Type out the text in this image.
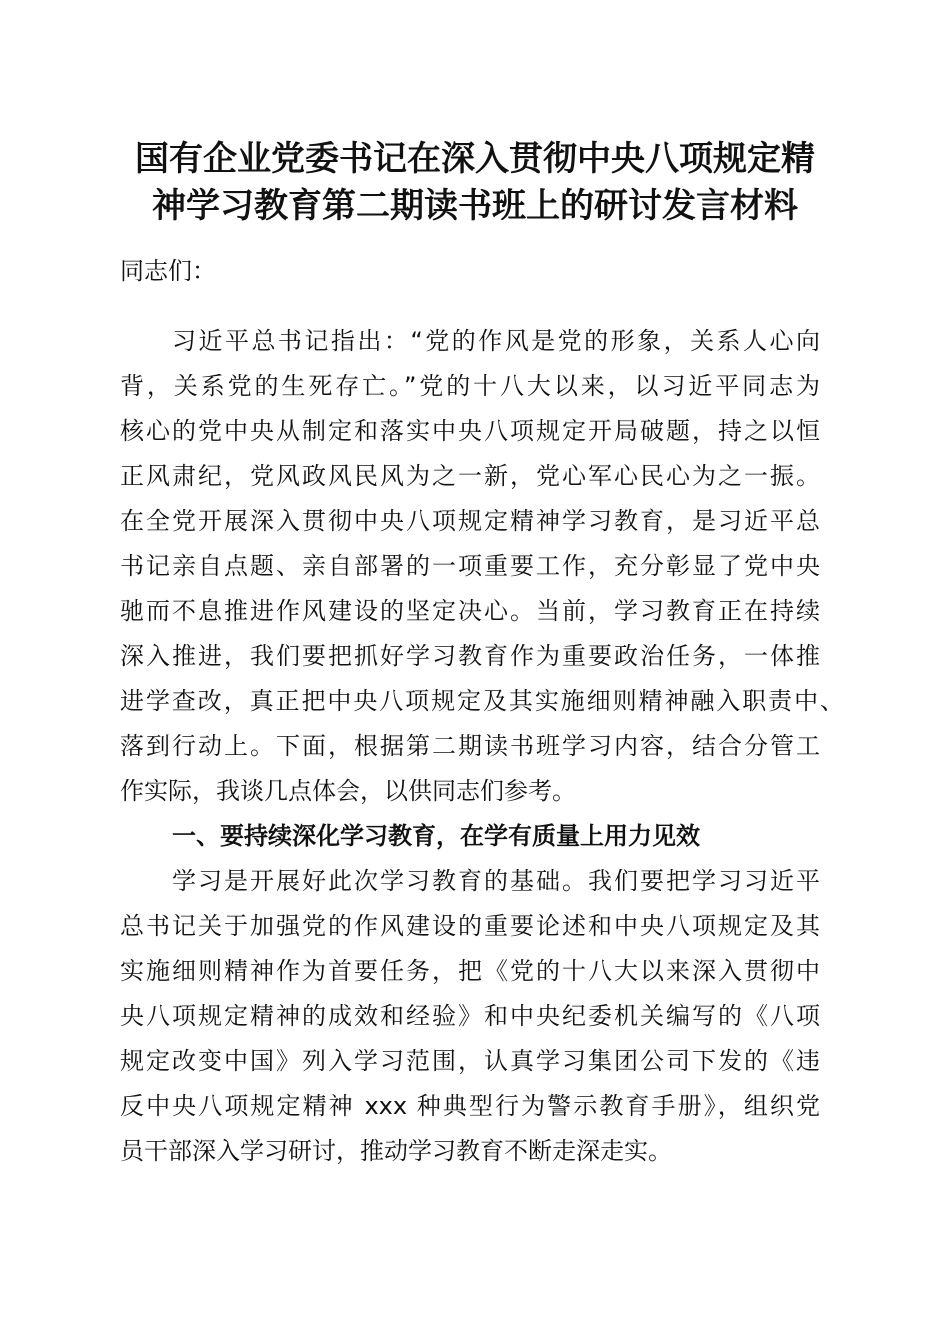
国有企业党委书记在深入贯彻中央八项规定精
神学习教育第二期读书班上的研讨发言材料
同志们：
习近平总书记指出：“党的作风是党的形象，关系人心向
背，关系党的生死存亡。”党的十八大以来，以习近平同志为
核心的党中央从制定和落实中央八项规定开局破题，持之以恒
正风肃纪，党风政风民风为之一新，党心军心民心为之一振。
在全党开展深入贯彻中央八项规定精神学习教育，是习近平总
书记亲自点题、亲自部署的一项重要工作，充分彰显了党中央
驰而不息推进作风建设的坚定决心。当前，学习教育正在持续
深入推进，我们要把抓好学习教育作为重要政治任务，一体推
进学查改，真正把中央八项规定及其实施细则精神融入职责中、
落到行动上。下面，根据第二期读书班学习内容，结合分管工
作实际，我谈几点体会，以供同志们参考。
一、要持续深化学习教育，在学有质量上用力见效
学习是开展好此次学习教育的基础。我们要把学习习近平
总书记关于加强党的作风建设的重要论述和中央八项规定及其
实施细则精神作为首要任务，把《党的十八大以来深入贯彻中
央八项规定精神的成效和经验》和中央纪委机关编写的《八项
规定改变中国》列入学习范围，认真学习集团公司下发的《违
反中央八项规定精神 xxx 种典型行为警示教育手册》，组织党
员干部深入学习研讨，推动学习教育不断走深走实。
